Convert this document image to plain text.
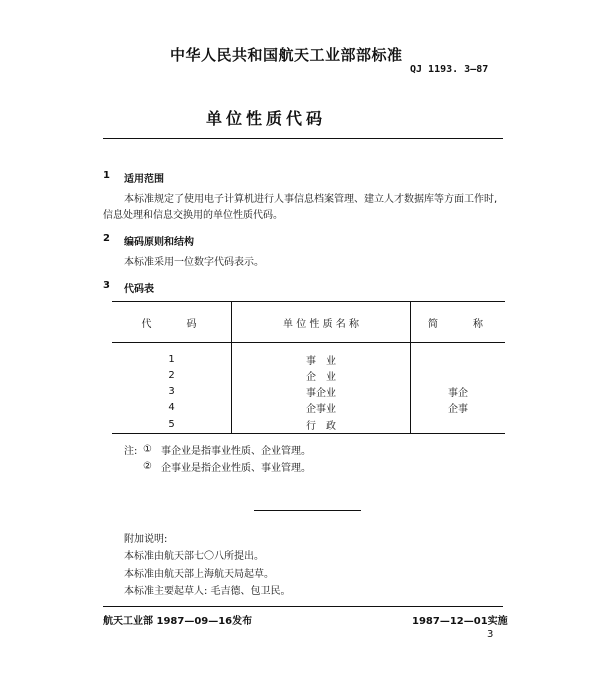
中华人民共和国航天工业部部标准
QJ 1193. 3—87
单位性质代码
1 适用范围
本标准规定了使用电子计算机进行人事信息档案管理、建立人才数据库等方面工作时,
信息处理和信息交换用的单位性质代码。
2 编码原则和结构
本标准采用一位数字代码表示。
3 代码表
代　　码	单 位 性 质 名 称	简　　称
1	事　业	
2	企　业	
3	事企业	事企
4	企事业	企事
5	行　政	
注: ① 事企业是指事业性质、企业管理。
② 企事业是指企业性质、事业管理。
附加说明:
本标准由航天部七〇八所提出。
本标准由航天部上海航天局起草。
本标准主要起草人: 毛吉德、包卫民。
航天工业部 1987—09—16发布	1987—12—01实施
3
